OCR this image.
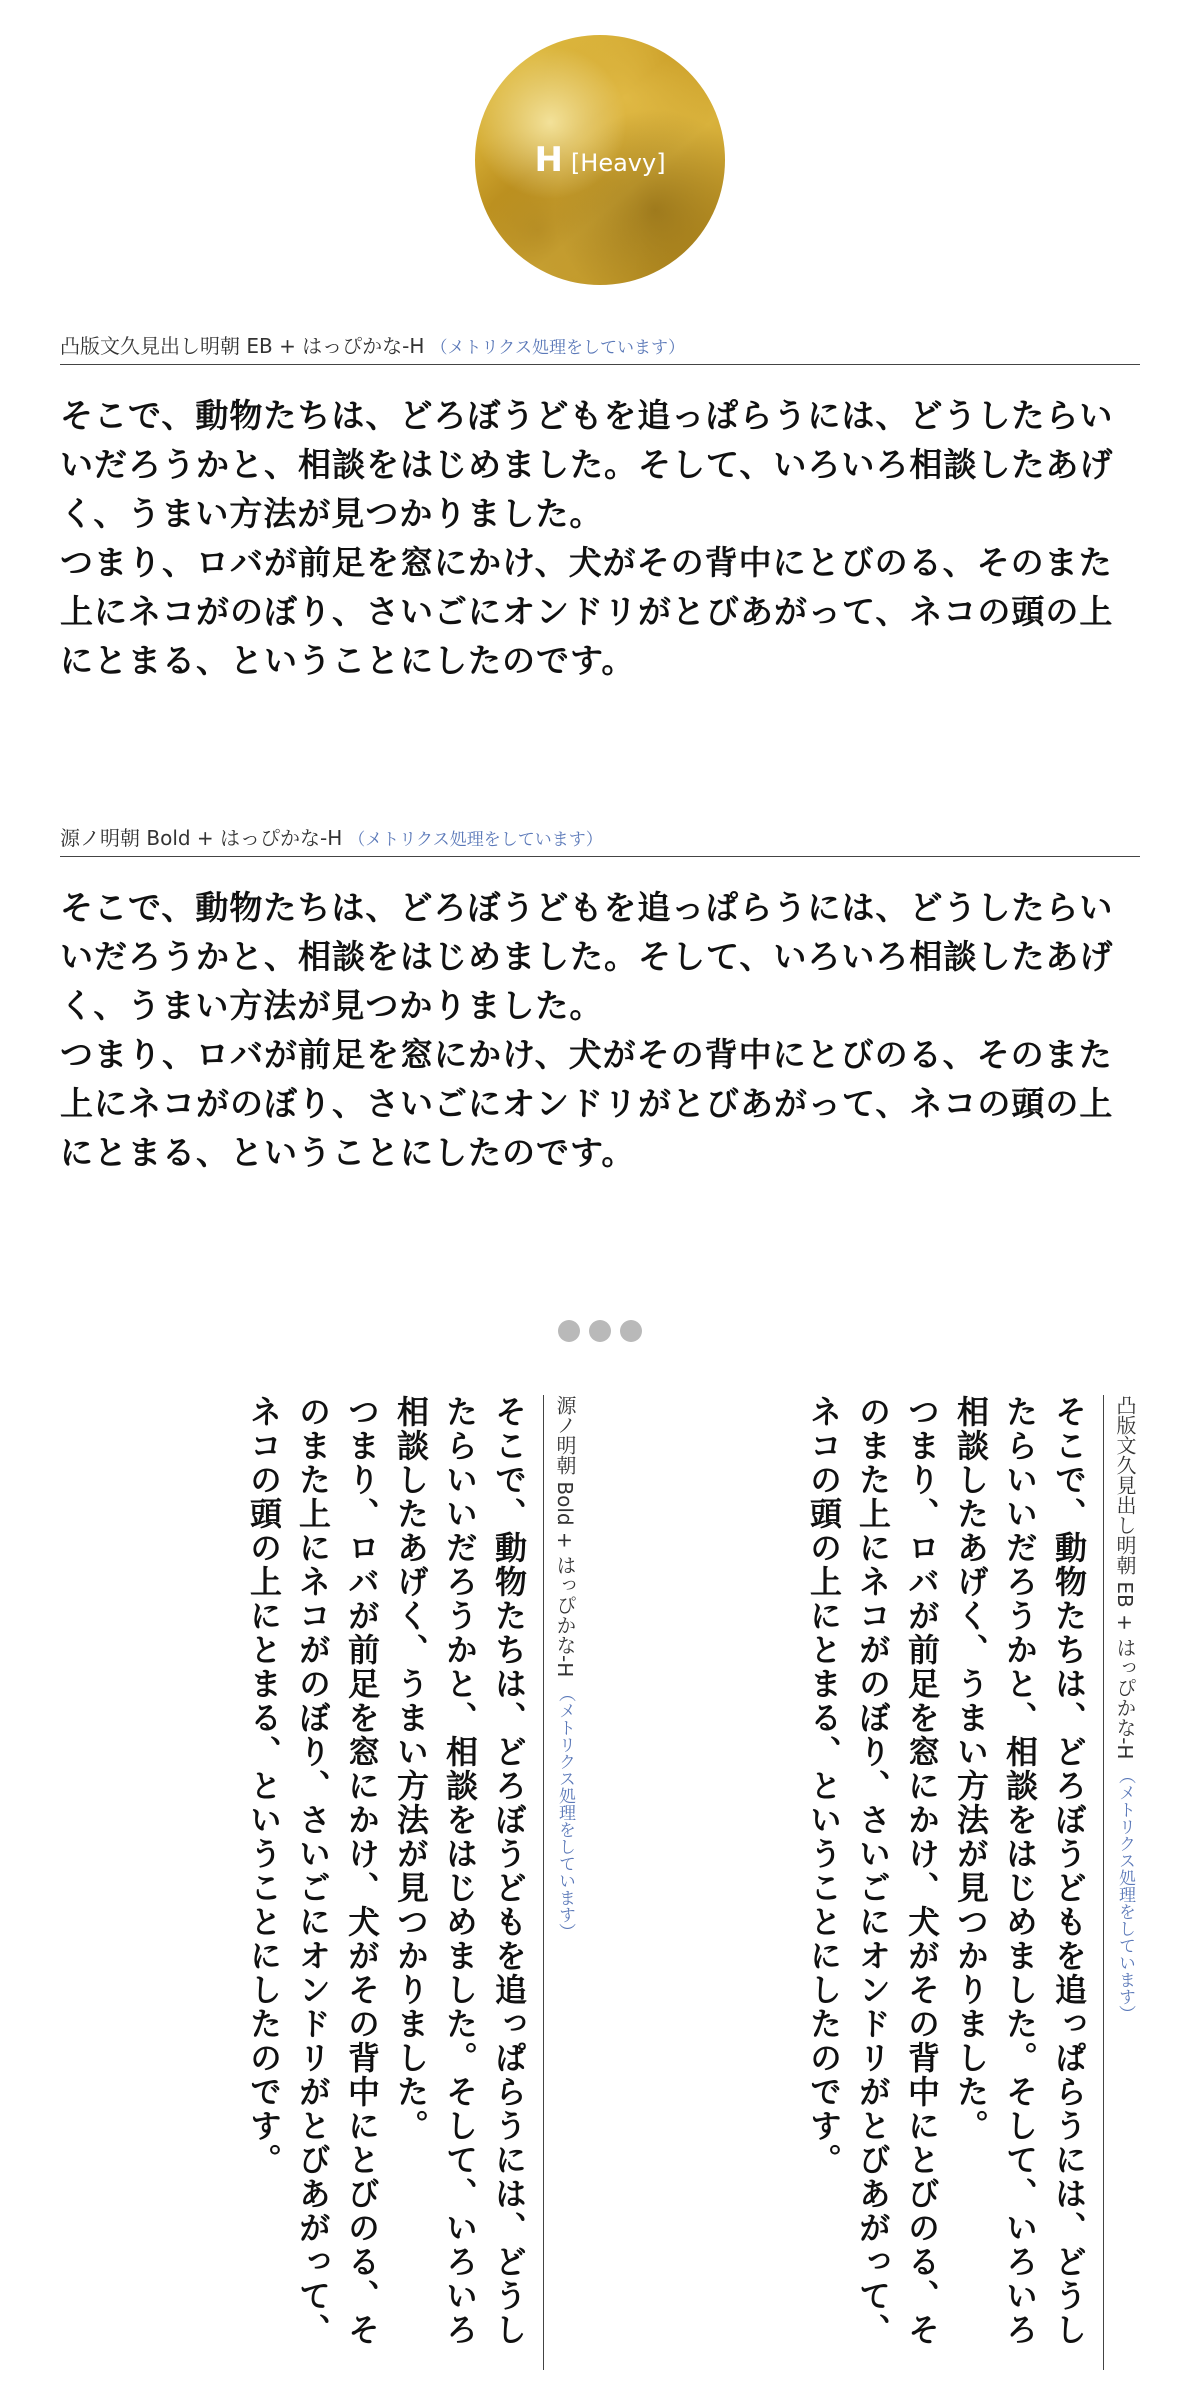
H [Heavy]
凸版文久見出し明朝 EB + はっぴかな-H （メトリクス処理をしています）

そこで、動物たちは、どろぼうどもを追っぱらうには、どうしたらいいだろうかと、相談をはじめました。そして、いろいろ相談したあげく、うまい方法が見つかりました。

つまり、ロバが前足を窓にかけ、犬がその背中にとびのる、そのまた上にネコがのぼり、さいごにオンドリがとびあがって、ネコの頭の上にとまる、ということにしたのです。

源ノ明朝 Bold + はっぴかな-H （メトリクス処理をしています）

そこで、動物たちは、どろぼうどもを追っぱらうには、どうしたらいいだろうかと、相談をはじめました。そして、いろいろ相談したあげく、うまい方法が見つかりました。

つまり、ロバが前足を窓にかけ、犬がその背中にとびのる、そのまた上にネコがのぼり、さいごにオンドリがとびあがって、ネコの頭の上にとまる、ということにしたのです。

凸版文久見出し明朝 EB + はっぴかな-H（メトリクス処理をしています）

そこで、動物たちは、どろぼうどもを追っぱらうには、どうしたらいいだろうかと、相談をはじめました。そして、いろいろ相談したあげく、うまい方法が見つかりました。

つまり、ロバが前足を窓にかけ、犬がその背中にとびのる、そのまた上にネコがのぼり、さいごにオンドリがとびあがって、ネコの頭の上にとまる、ということにしたのです。

源ノ明朝 Bold + はっぴかな-H（メトリクス処理をしています）

そこで、動物たちは、どろぼうどもを追っぱらうには、どうしたらいいだろうかと、相談をはじめました。そして、いろいろ相談したあげく、うまい方法が見つかりました。

つまり、ロバが前足を窓にかけ、犬がその背中にとびのる、そのまた上にネコがのぼり、さいごにオンドリがとびあがって、ネコの頭の上にとまる、ということにしたのです。
